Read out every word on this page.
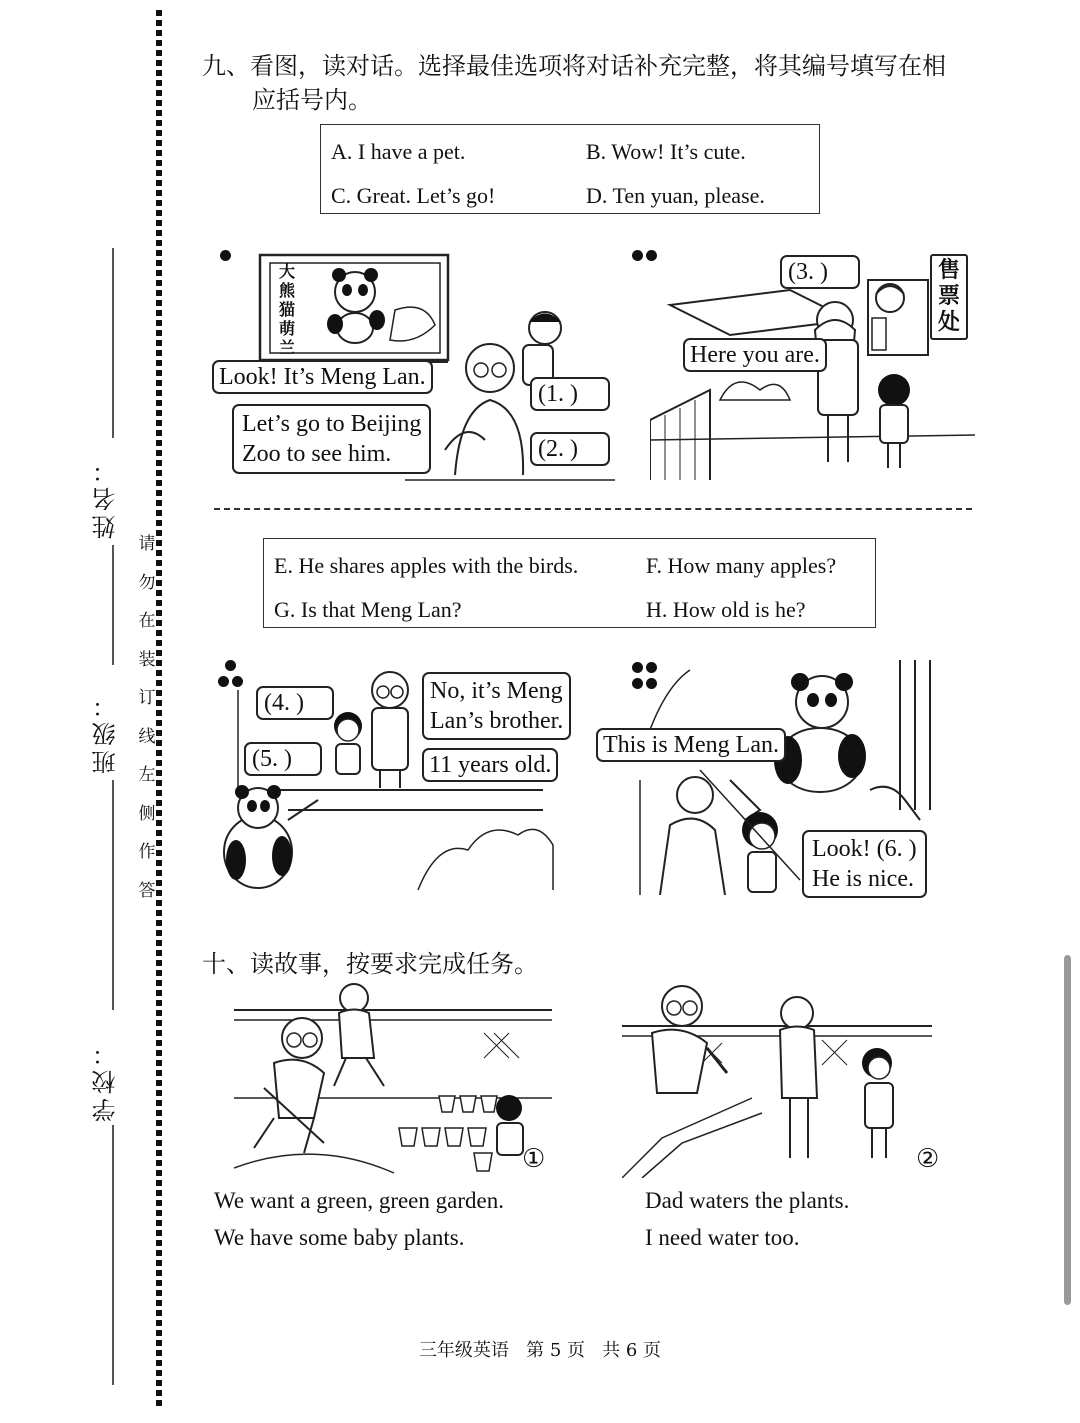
姓名：
班级：
学校：
请
勿
在
装
订
线
左
侧
作
答
九、看图，读对话。选择最佳选项将对话补充完整，将其编号填写在相
应括号内。
A. I have a pet.	B. Wow! It’s cute.
C. Great. Let’s go!	D. Ten yuan, please.
大
熊
猫
萌
兰
Look! It’s Meng Lan.
Let’s go to Beijing
Zoo to see him.
(1. )
(2. )
售
票
处
(3. )
Here you are.
E. He shares apples with the birds.	F. How many apples?
G. Is that Meng Lan?	H. How old is he?
(4. )
(5. )
No, it’s Meng
Lan’s brother.
11 years old.
This is Meng Lan.
Look! (6. )
He is nice.
十、读故事，按要求完成任务。
①	②
We want a green, green garden.
We have some baby plants.
Dad waters the plants.
I need water too.
三年级英语   第 5 页   共 6 页
